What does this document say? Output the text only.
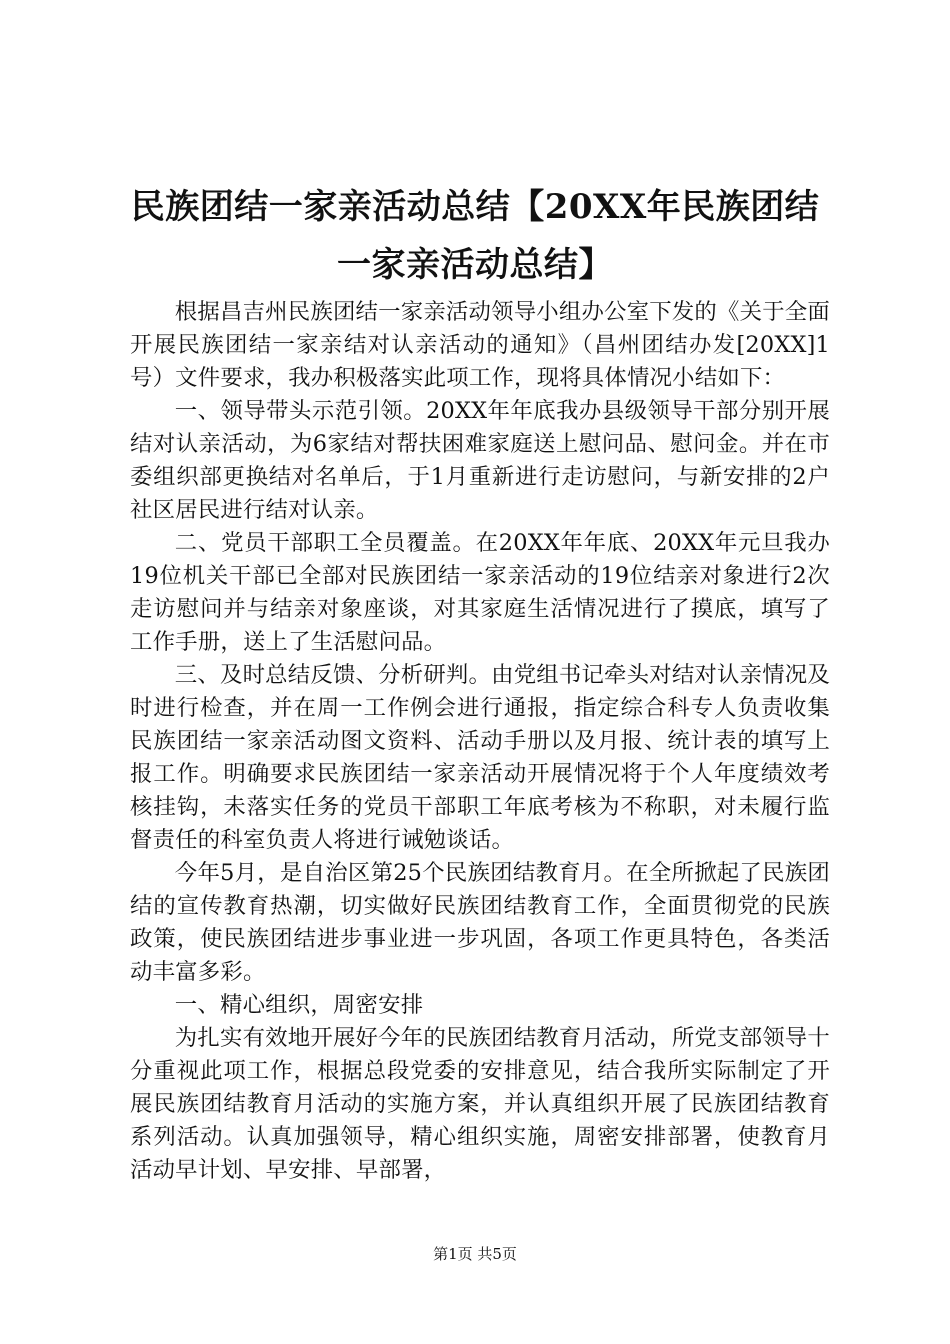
民族团结一家亲活动总结【20XX年民族团结一家亲活动总结】

根据昌吉州民族团结一家亲活动领导小组办公室下发的《关于全面开展民族团结一家亲结对认亲活动的通知》（昌州团结办发[20XX]1号）文件要求，我办积极落实此项工作，现将具体情况小结如下：

一、领导带头示范引领。20XX年年底我办县级领导干部分别开展结对认亲活动，为6家结对帮扶困难家庭送上慰问品、慰问金。并在市委组织部更换结对名单后，于1月重新进行走访慰问，与新安排的2户社区居民进行结对认亲。

二、党员干部职工全员覆盖。在20XX年年底、20XX年元旦我办19位机关干部已全部对民族团结一家亲活动的19位结亲对象进行2次走访慰问并与结亲对象座谈，对其家庭生活情况进行了摸底，填写了工作手册，送上了生活慰问品。

三、及时总结反馈、分析研判。由党组书记牵头对结对认亲情况及时进行检查，并在周一工作例会进行通报，指定综合科专人负责收集民族团结一家亲活动图文资料、活动手册以及月报、统计表的填写上报工作。明确要求民族团结一家亲活动开展情况将于个人年度绩效考核挂钩，未落实任务的党员干部职工年底考核为不称职，对未履行监督责任的科室负责人将进行诫勉谈话。

今年5月，是自治区第25个民族团结教育月。在全所掀起了民族团结的宣传教育热潮，切实做好民族团结教育工作，全面贯彻党的民族政策，使民族团结进步事业进一步巩固，各项工作更具特色，各类活动丰富多彩。

一、精心组织，周密安排

为扎实有效地开展好今年的民族团结教育月活动，所党支部领导十分重视此项工作，根据总段党委的安排意见，结合我所实际制定了开展民族团结教育月活动的实施方案，并认真组织开展了民族团结教育系列活动。认真加强领导，精心组织实施，周密安排部署，使教育月活动早计划、早安排、早部署，

第1页 共5页
